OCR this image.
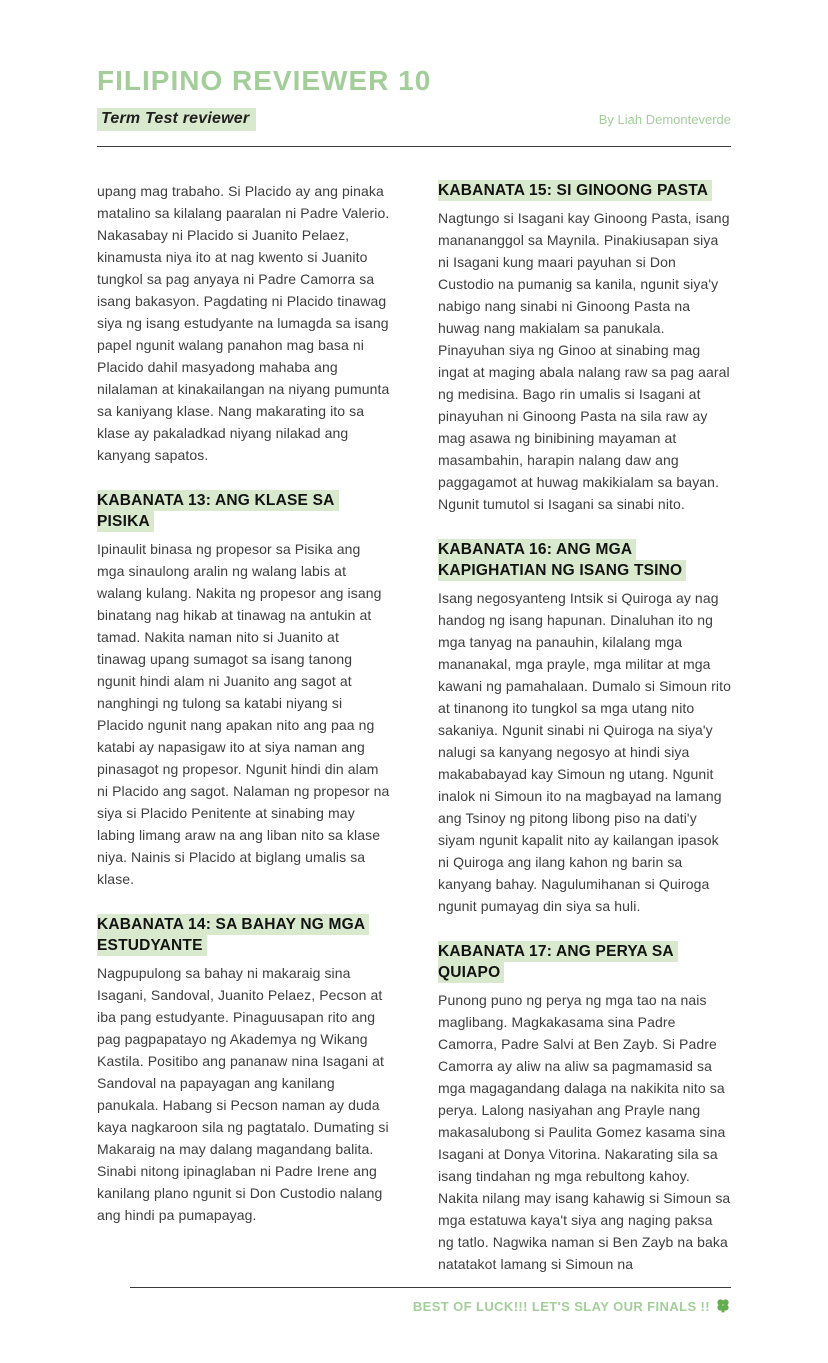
FILIPINO REVIEWER 10
Term Test reviewer	By Liah Demonteverde

upang mag trabaho. Si Placido ay ang pinaka matalino sa kilalang paaralan ni Padre Valerio. Nakasabay ni Placido si Juanito Pelaez, kinamusta niya ito at nag kwento si Juanito tungkol sa pag anyaya ni Padre Camorra sa isang bakasyon. Pagdating ni Placido tinawag siya ng isang estudyante na lumagda sa isang papel ngunit walang panahon mag basa ni Placido dahil masyadong mahaba ang nilalaman at kinakailangan na niyang pumunta sa kaniyang klase. Nang makarating ito sa klase ay pakaladkad niyang nilakad ang kanyang sapatos.

KABANATA 13: ANG KLASE SA PISIKA

Ipinaulit binasa ng propesor sa Pisika ang mga sinaulong aralin ng walang labis at walang kulang. Nakita ng propesor ang isang binatang nag hikab at tinawag na antukin at tamad. Nakita naman nito si Juanito at tinawag upang sumagot sa isang tanong ngunit hindi alam ni Juanito ang sagot at nanghingi ng tulong sa katabi niyang si Placido ngunit nang apakan nito ang paa ng katabi ay napasigaw ito at siya naman ang pinasagot ng propesor. Ngunit hindi din alam ni Placido ang sagot. Nalaman ng propesor na siya si Placido Penitente at sinabing may labing limang araw na ang liban nito sa klase niya. Nainis si Placido at biglang umalis sa klase.

KABANATA 14: SA BAHAY NG MGA ESTUDYANTE

Nagpupulong sa bahay ni makaraig sina Isagani, Sandoval, Juanito Pelaez, Pecson at iba pang estudyante. Pinaguusapan rito ang pag pagpapatayo ng Akademya ng Wikang Kastila. Positibo ang pananaw nina Isagani at Sandoval na papayagan ang kanilang panukala. Habang si Pecson naman ay duda kaya nagkaroon sila ng pagtatalo. Dumating si Makaraig na may dalang magandang balita. Sinabi nitong ipinaglaban ni Padre Irene ang kanilang plano ngunit si Don Custodio nalang ang hindi pa pumapayag.

KABANATA 15: SI GINOONG PASTA

Nagtungo si Isagani kay Ginoong Pasta, isang manananggol sa Maynila. Pinakiusapan siya ni Isagani kung maari payuhan si Don Custodio na pumanig sa kanila, ngunit siya'y nabigo nang sinabi ni Ginoong Pasta na huwag nang makialam sa panukala. Pinayuhan siya ng Ginoo at sinabing mag ingat at maging abala nalang raw sa pag aaral ng medisina. Bago rin umalis si Isagani at pinayuhan ni Ginoong Pasta na sila raw ay mag asawa ng binibining mayaman at masambahin, harapin nalang daw ang paggagamot at huwag makikialam sa bayan. Ngunit tumutol si Isagani sa sinabi nito.

KABANATA 16: ANG MGA KAPIGHATIAN NG ISANG TSINO

Isang negosyanteng Intsik si Quiroga ay nag handog ng isang hapunan. Dinaluhan ito ng mga tanyag na panauhin, kilalang mga mananakal, mga prayle, mga militar at mga kawani ng pamahalaan. Dumalo si Simoun rito at tinanong ito tungkol sa mga utang nito sakaniya. Ngunit sinabi ni Quiroga na siya'y nalugi sa kanyang negosyo at hindi siya makababayad kay Simoun ng utang. Ngunit inalok ni Simoun ito na magbayad na lamang ang Tsinoy ng pitong libong piso na dati'y siyam ngunit kapalit nito ay kailangan ipasok ni Quiroga ang ilang kahon ng barin sa kanyang bahay. Nagulumihanan si Quiroga ngunit pumayag din siya sa huli.

KABANATA 17: ANG PERYA SA QUIAPO

Punong puno ng perya ng mga tao na nais maglibang. Magkakasama sina Padre Camorra, Padre Salvi at Ben Zayb. Si Padre Camorra ay aliw na aliw sa pagmamasid sa mga magagandang dalaga na nakikita nito sa perya. Lalong nasiyahan ang Prayle nang makasalubong si Paulita Gomez kasama sina Isagani at Donya Vitorina. Nakarating sila sa isang tindahan ng mga rebultong kahoy. Nakita nilang may isang kahawig si Simoun sa mga estatuwa kaya't siya ang naging paksa ng tatlo. Nagwika naman si Ben Zayb na baka natatakot lamang si Simoun na

BEST OF LUCK!!! LET'S SLAY OUR FINALS !!
